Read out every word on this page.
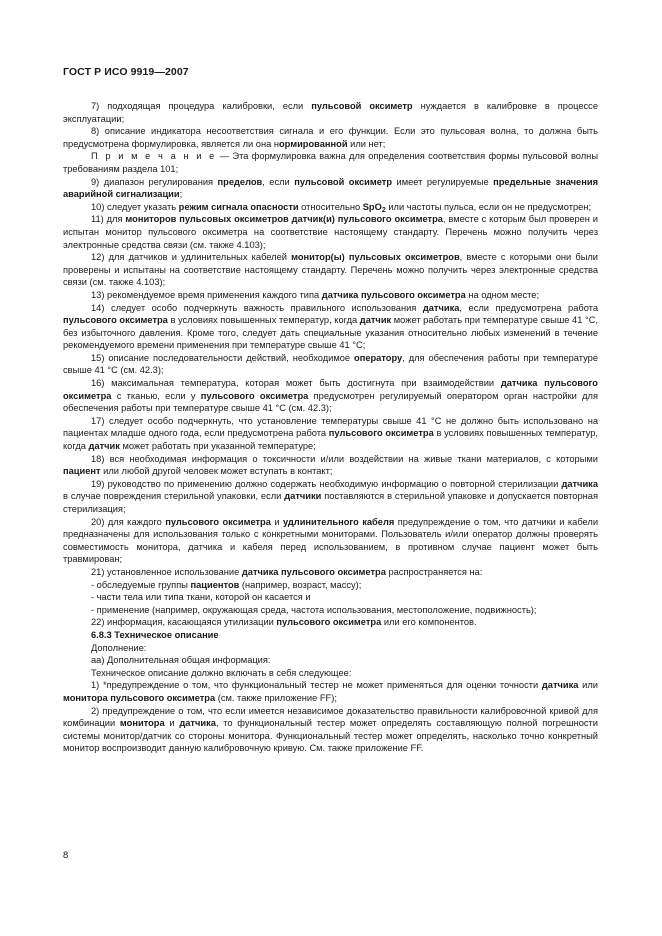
ГОСТ Р ИСО 9919—2007

7) подходящая процедура калибровки, если пульсовой оксиметр нуждается в калибровке в процессе эксплуатации;

8) описание индикатора несоответствия сигнала и его функции. Если это пульсовая волна, то должна быть предусмотрена формулировка, является ли она нормированной или нет;

П р и м е ч а н и е — Эта формулировка важна для определения соответствия формы пульсовой волны требованиям раздела 101;

9) диапазон регулирования пределов, если пульсовой оксиметр имеет регулируемые предельные значения аварийной сигнализации;

10) следует указать режим сигнала опасности относительно SpO$_2$ или частоты пульса, если он не предусмотрен;

11) для мониторов пульсовых оксиметров датчик(и) пульсового оксиметра, вместе с которым был проверен и испытан монитор пульсового оксиметра на соответствие настоящему стандарту. Перечень можно получить через электронные средства связи (см. также 4.103);

12) для датчиков и удлинительных кабелей монитор(ы) пульсовых оксиметров, вместе с которыми они были проверены и испытаны на соответствие настоящему стандарту. Перечень можно получить через электронные средства связи (см. также 4.103);

13) рекомендуемое время применения каждого типа датчика пульсового оксиметра на одном месте;

14) следует особо подчеркнуть важность правильного использования датчика, если предусмотрена работа пульсового оксиметра в условиях повышенных температур, когда датчик может работать при температуре свыше 41 °С, без избыточного давления. Кроме того, следует дать специальные указания относительно любых изменений в течение рекомендуемого времени применения при температуре свыше 41 °С;

15) описание последовательности действий, необходимое оператору, для обеспечения работы при температуре свыше 41 °С (см. 42.3);

16) максимальная температура, которая может быть достигнута при взаимодействии датчика пульсового оксиметра с тканью, если у пульсового оксиметра предусмотрен регулируемый оператором орган настройки для обеспечения работы при температуре свыше 41 °С (см. 42.3);

17) следует особо подчеркнуть, что установление температуры свыше 41 °С не должно быть использовано на пациентах младше одного года, если предусмотрена работа пульсового оксиметра в условиях повышенных температур, когда датчик может работать при указанной температуре;

18) вся необходимая информация о токсичности и/или воздействии на живые ткани материалов, с которыми пациент или любой другой человек может вступать в контакт;

19) руководство по применению должно содержать необходимую информацию о повторной стерилизации датчика в случае повреждения стерильной упаковки, если датчики поставляются в стерильной упаковке и допускается повторная стерилизация;

20) для каждого пульсового оксиметра и удлинительного кабеля предупреждение о том, что датчики и кабели предназначены для использования только с конкретными мониторами. Пользователь и/или оператор должны проверять совместимость монитора, датчика и кабеля перед использованием, в противном случае пациент может быть травмирован;

21) установленное использование датчика пульсового оксиметра распространяется на:

- обследуемые группы пациентов (например, возраст, массу);

- части тела или типа ткани, которой он касается и

- применение (например, окружающая среда, частота использования, местоположение, подвижность);

22) информация, касающаяся утилизации пульсового оксиметра или его компонентов.

6.8.3 Техническое описание

Дополнение:

аа) Дополнительная общая информация:

Техническое описание должно включать в себя следующее:

1) *предупреждение о том, что функциональный тестер не может применяться для оценки точности датчика или монитора пульсового оксиметра (см. также приложение FF);

2) предупреждение о том, что если имеется независимое доказательство правильности калибровочной кривой для комбинации монитора и датчика, то функциональный тестер может определять составляющую полной погрешности системы монитор/датчик со стороны монитора. Функциональный тестер может определять, насколько точно конкретный монитор воспроизводит данную калибровочную кривую. См. также приложение FF.

8
